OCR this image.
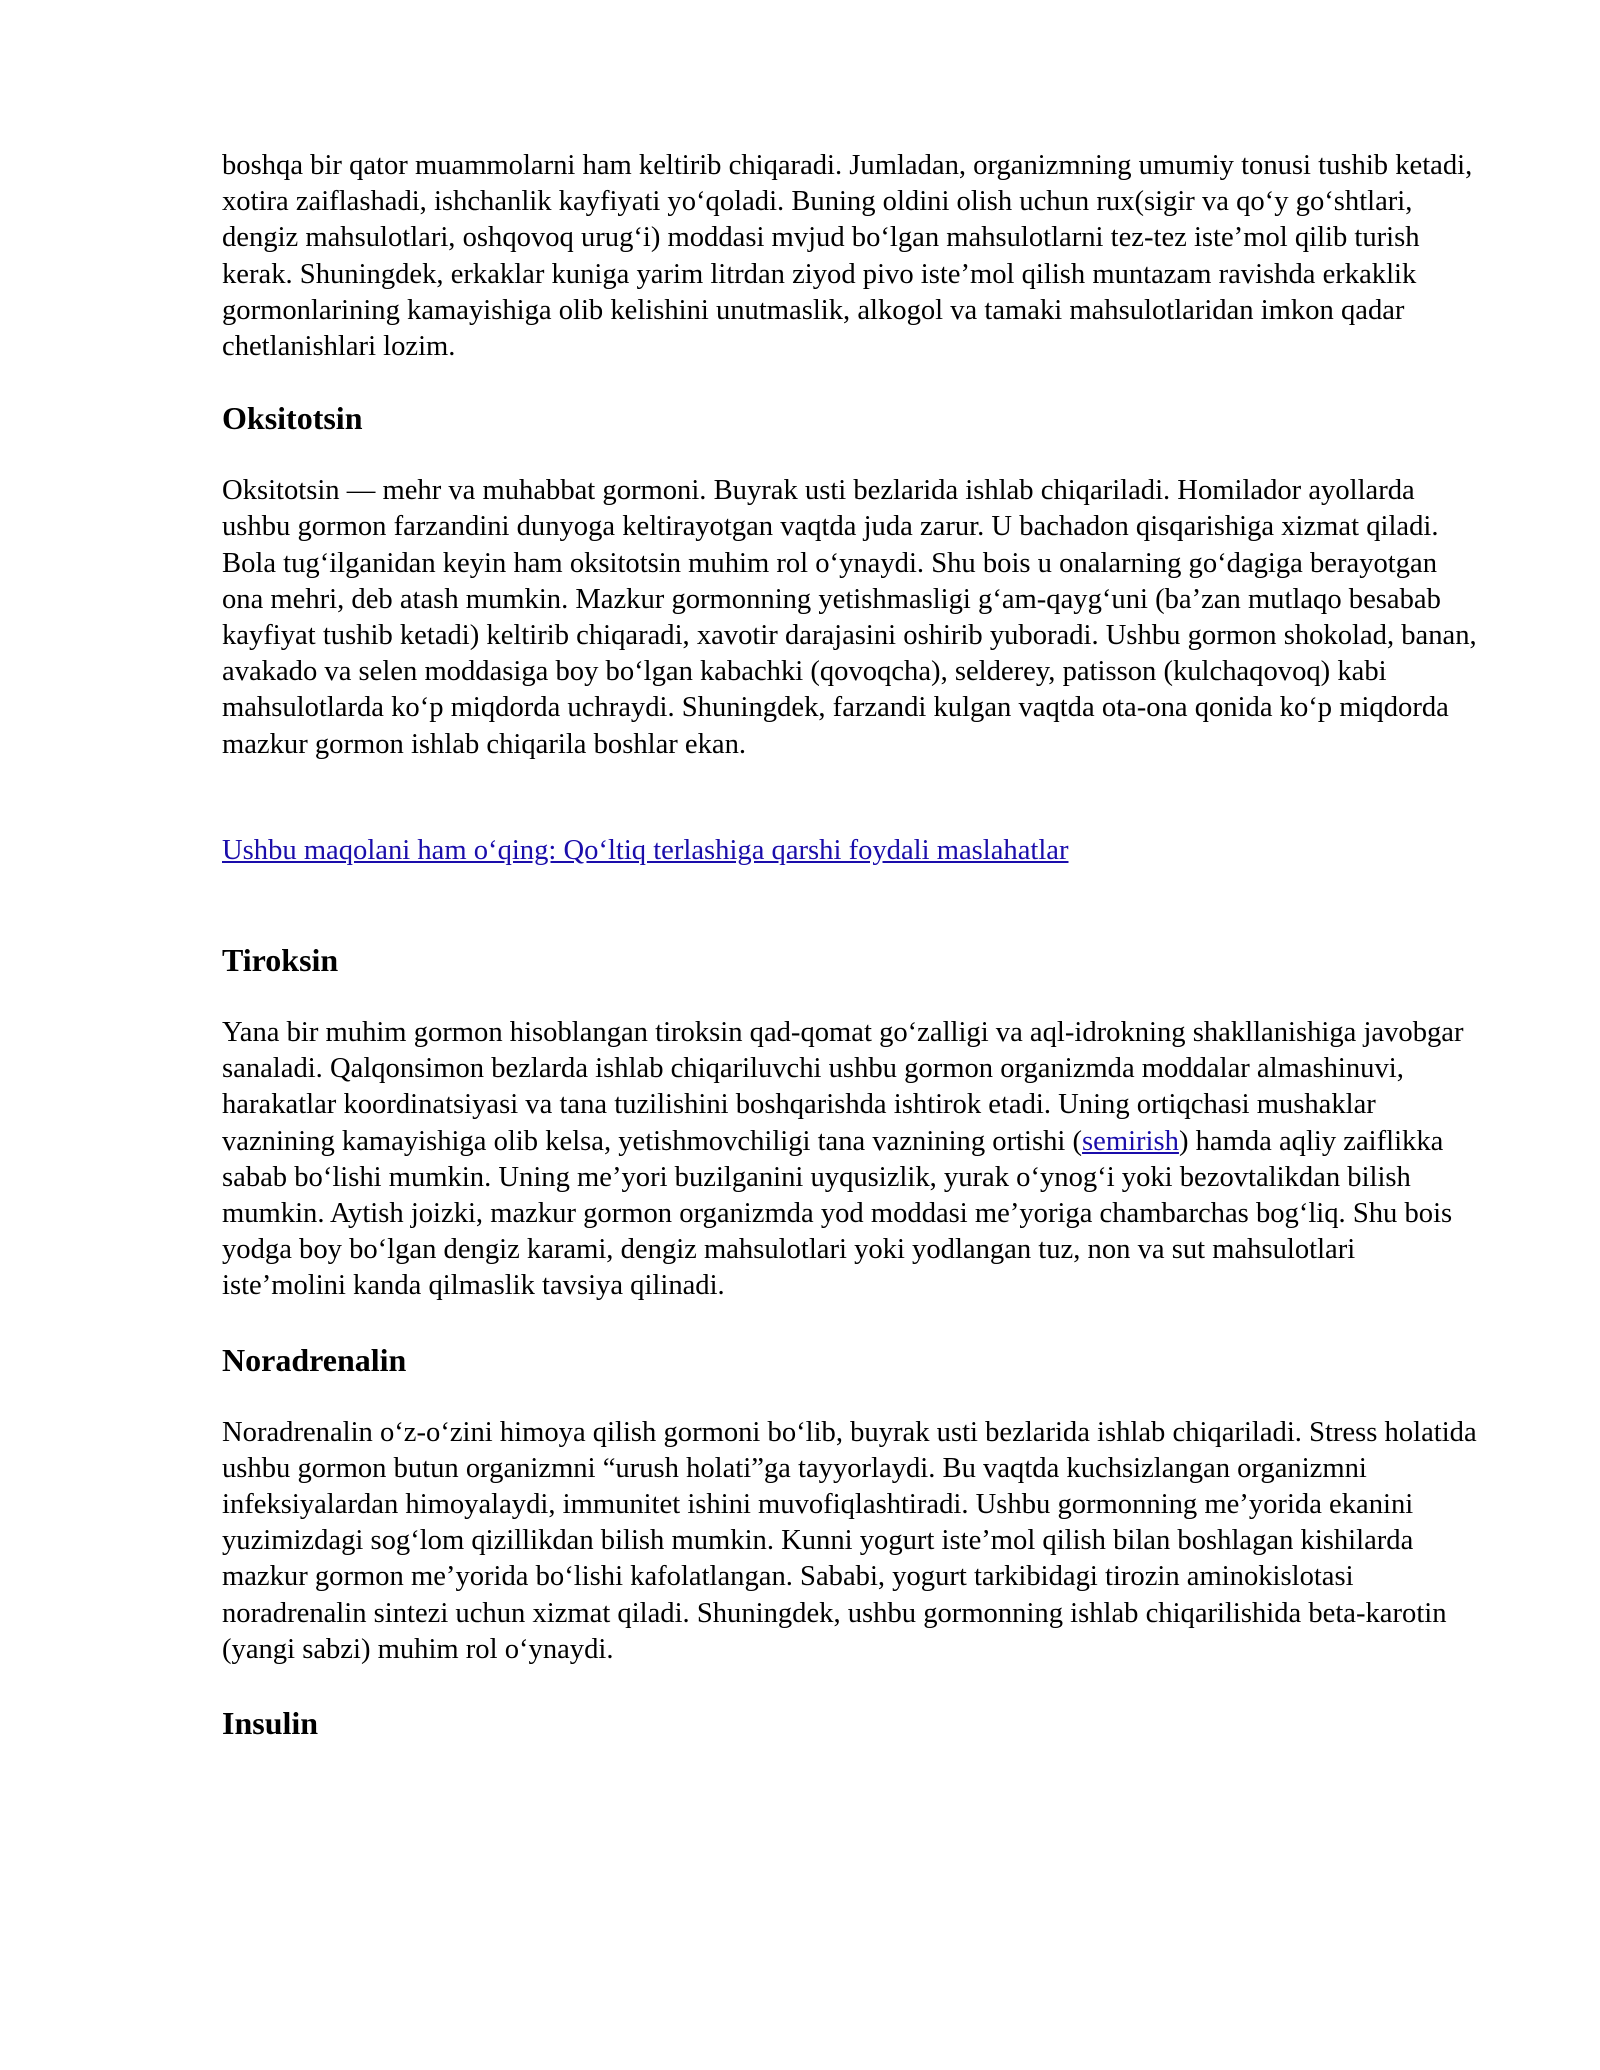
boshqa bir qator muammolarni ham keltirib chiqaradi. Jumladan, organizmning umumiy tonusi tushib ketadi, xotira zaiflashadi, ishchanlik kayfiyati yo‘qoladi. Buning oldini olish uchun rux(sigir va qo‘y go‘shtlari, dengiz mahsulotlari, oshqovoq urug‘i) moddasi mvjud bo‘lgan mahsulotlarni tez-tez iste’mol qilib turish kerak. Shuningdek, erkaklar kuniga yarim litrdan ziyod pivo iste’mol qilish muntazam ravishda erkaklik gormonlarining kamayishiga olib kelishini unutmaslik, alkogol va tamaki mahsulotlaridan imkon qadar chetlanishlari lozim.

Oksitotsin

Oksitotsin — mehr va muhabbat gormoni. Buyrak usti bezlarida ishlab chiqariladi. Homilador ayollarda ushbu gormon farzandini dunyoga keltirayotgan vaqtda juda zarur. U bachadon qisqarishiga xizmat qiladi. Bola tug‘ilganidan keyin ham oksitotsin muhim rol o‘ynaydi. Shu bois u onalarning go‘dagiga berayotgan ona mehri, deb atash mumkin. Mazkur gormonning yetishmasligi g‘am-qayg‘uni (ba’zan mutlaqo besabab kayfiyat tushib ketadi) keltirib chiqaradi, xavotir darajasini oshirib yuboradi. Ushbu gormon shokolad, banan, avakado va selen moddasiga boy bo‘lgan kabachki (qovoqcha), selderey, patisson (kulchaqovoq) kabi mahsulotlarda ko‘p miqdorda uchraydi. Shuningdek, farzandi kulgan vaqtda ota-ona qonida ko‘p miqdorda mazkur gormon ishlab chiqarila boshlar ekan.

Ushbu maqolani ham o‘qing: Qo‘ltiq terlashiga qarshi foydali maslahatlar

Tiroksin

Yana bir muhim gormon hisoblangan tiroksin qad-qomat go‘zalligi va aql-idrokning shakllanishiga javobgar sanaladi. Qalqonsimon bezlarda ishlab chiqariluvchi ushbu gormon organizmda moddalar almashinuvi, harakatlar koordinatsiyasi va tana tuzilishini boshqarishda ishtirok etadi. Uning ortiqchasi mushaklar vaznining kamayishiga olib kelsa, yetishmovchiligi tana vaznining ortishi (semirish) hamda aqliy zaiflikka sabab bo‘lishi mumkin. Uning me’yori buzilganini uyqusizlik, yurak o‘ynog‘i yoki bezovtalikdan bilish mumkin. Aytish joizki, mazkur gormon organizmda yod moddasi me’yoriga chambarchas bog‘liq. Shu bois yodga boy bo‘lgan dengiz karami, dengiz mahsulotlari yoki yodlangan tuz, non va sut mahsulotlari iste’molini kanda qilmaslik tavsiya qilinadi.

Noradrenalin

Noradrenalin o‘z-o‘zini himoya qilish gormoni bo‘lib, buyrak usti bezlarida ishlab chiqariladi. Stress holatida ushbu gormon butun organizmni “urush holati”ga tayyorlaydi. Bu vaqtda kuchsizlangan organizmni infeksiyalardan himoyalaydi, immunitet ishini muvofiqlashtiradi. Ushbu gormonning me’yorida ekanini yuzimizdagi sog‘lom qizillikdan bilish mumkin. Kunni yogurt iste’mol qilish bilan boshlagan kishilarda mazkur gormon me’yorida bo‘lishi kafolatlangan. Sababi, yogurt tarkibidagi tirozin aminokislotasi noradrenalin sintezi uchun xizmat qiladi. Shuningdek, ushbu gormonning ishlab chiqarilishida beta-karotin (yangi sabzi) muhim rol o‘ynaydi.

Insulin
